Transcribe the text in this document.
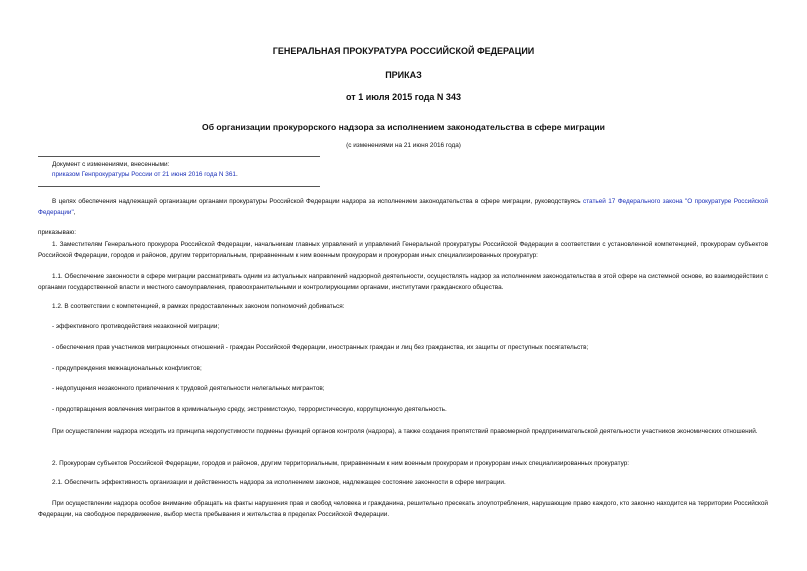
ГЕНЕРАЛЬНАЯ ПРОКУРАТУРА РОССИЙСКОЙ ФЕДЕРАЦИИ
ПРИКАЗ
от 1 июля 2015 года N 343
Об организации прокурорского надзора за исполнением законодательства в сфере миграции
(с изменениями на 21 июня 2016 года)
Документ с изменениями, внесенными:
приказом Генпрокуратуры России от 21 июня 2016 года N 361.
В целях обеспечения надлежащей организации органами прокуратуры Российской Федерации надзора за исполнением законодательства в сфере миграции, руководствуясь статьей 17 Федерального закона "О прокуратуре Российской Федерации",
приказываю:
1. Заместителям Генерального прокурора Российской Федерации, начальникам главных управлений и управлений Генеральной прокуратуры Российской Федерации в соответствии с установленной компетенцией, прокурорам субъектов Российской Федерации, городов и районов, другим территориальным, приравненным к ним военным прокурорам и прокурорам иных специализированных прокуратур:
1.1. Обеспечение законности в сфере миграции рассматривать одним из актуальных направлений надзорной деятельности, осуществлять надзор за исполнением законодательства в этой сфере на системной основе, во взаимодействии с органами государственной власти и местного самоуправления, правоохранительными и контролирующими органами, институтами гражданского общества.
1.2. В соответствии с компетенцией, в рамках предоставленных законом полномочий добиваться:
- эффективного противодействия незаконной миграции;
- обеспечения прав участников миграционных отношений - граждан Российской Федерации, иностранных граждан и лиц без гражданства, их защиты от преступных посягательств;
- предупреждения межнациональных конфликтов;
- недопущения незаконного привлечения к трудовой деятельности нелегальных мигрантов;
- предотвращения вовлечения мигрантов в криминальную среду, экстремистскую, террористическую, коррупционную деятельность.
При осуществлении надзора исходить из принципа недопустимости подмены функций органов контроля (надзора), а также создания препятствий правомерной предпринимательской деятельности участников экономических отношений.
2. Прокурорам субъектов Российской Федерации, городов и районов, другим территориальным, приравненным к ним военным прокурорам и прокурорам иных специализированных прокуратур:
2.1. Обеспечить эффективность организации и действенность надзора за исполнением законов, надлежащее состояние законности в сфере миграции.
При осуществлении надзора особое внимание обращать на факты нарушения прав и свобод человека и гражданина, решительно пресекать злоупотребления, нарушающие право каждого, кто законно находится на территории Российской Федерации, на свободное передвижение, выбор места пребывания и жительства в пределах Российской Федерации.
